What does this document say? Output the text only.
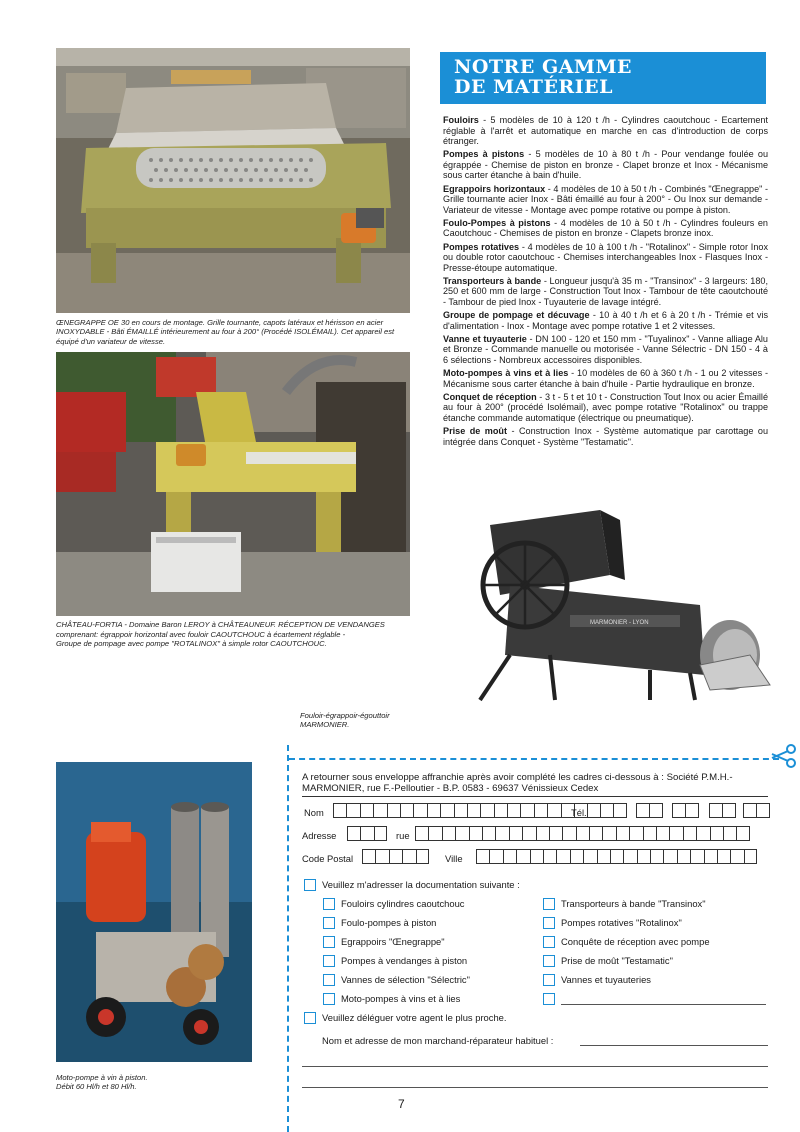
ŒNEGRAPPE OE 30 en cours de montage. Grille tournante, capots latéraux et hérisson en acier INOXYDABLE - Bâti ÉMAILLÉ intérieurement au four à 200° (Procédé ISOLÉMAIL). Cet appareil est équipé d'un variateur de vitesse.
CHÂTEAU-FORTIA - Domaine Baron LEROY à CHÂTEAUNEUF. RÉCEPTION DE VENDANGES
comprenant: égrappoir horizontal avec fouloir CAOUTCHOUC à écartement réglable -
Groupe de pompage avec pompe "ROTALINOX" à simple rotor CAOUTCHOUC.
NOTRE GAMME
DE MATÉRIEL

Fouloirs - 5 modèles de 10 à 120 t /h - Cylindres caoutchouc - Ecartement réglable à l'arrêt et automatique en marche en cas d'introduction de corps étranger.

Pompes à pistons - 5 modèles de 10 à 80 t /h - Pour vendange foulée ou égrappée - Chemise de piston en bronze - Clapet bronze et Inox - Mécanisme sous carter étanche à bain d'huile.

Egrappoirs horizontaux - 4 modèles de 10 à 50 t /h - Combinés "Œnegrappe" - Grille tournante acier Inox - Bâti émaillé au four à 200° - Ou Inox sur demande - Variateur de vitesse - Montage avec pompe rotative ou pompe à piston.

Foulo-Pompes à pistons - 4 modèles de 10 à 50 t /h - Cylindres fouleurs en Caoutchouc - Chemises de piston en bronze - Clapets bronze inox.

Pompes rotatives - 4 modèles de 10 à 100 t /h - "Rotalinox" - Simple rotor Inox ou double rotor caoutchouc - Chemises interchangeables Inox - Flasques Inox - Presse-étoupe automatique.

Transporteurs à bande - Longueur jusqu'à 35 m - "Transinox" - 3 largeurs: 180, 250 et 600 mm de large - Construction Tout Inox - Tambour de tête caoutchouté - Tambour de pied Inox - Tuyauterie de lavage intégré.

Groupe de pompage et décuvage - 10 à 40 t /h et 6 à 20 t /h - Trémie et vis d'alimentation - Inox - Montage avec pompe rotative 1 et 2 vitesses.

Vanne et tuyauterie - DN 100 - 120 et 150 mm - "Tuyalinox" - Vanne alliage Alu et Bronze - Commande manuelle ou motorisée - Vanne Sélectric - DN 150 - 4 à 6 sélections - Nombreux accessoires disponibles.

Moto-pompes à vins et à lies - 10 modèles de 60 à 360 t /h - 1 ou 2 vitesses - Mécanisme sous carter étanche à bain d'huile - Partie hydraulique en bronze.

Conquet de réception - 3 t - 5 t et 10 t - Construction Tout Inox ou acier Émaillé au four à 200° (procédé Isolémail), avec pompe rotative "Rotalinox" ou trappe étanche commande automatique (électrique ou pneumatique).

Prise de moût - Construction Inox - Système automatique par carottage ou intégrée dans Conquet - Système "Testamatic".

MARMONIER - LYON
Fouloir-égrappoir-égouttoir
MARMONIER.
Moto-pompe à vin à piston.
Débit 60 Hl/h et 80 Hl/h.
A retourner sous enveloppe affranchie après avoir complété les cadres ci-dessous à : Société P.M.H.-
MARMONIER, rue F.-Pelloutier - B.P. 0583 - 69637 Vénissieux Cedex
Nom	Tél.
Adresse	rue
Code Postal	Ville
Veuillez m'adresser la documentation suivante :
Fouloirs cylindres caoutchouc
Foulo-pompes à piston
Egrappoirs "Œnegrappe"
Pompes à vendanges à piston
Vannes de sélection "Sélectric"
Moto-pompes à vins et à lies
Transporteurs à bande "Transinox"
Pompes rotatives "Rotalinox"
Conquête de réception avec pompe
Prise de moût "Testamatic"
Vannes et tuyauteries
Veuillez déléguer votre agent le plus proche.
Nom et adresse de mon marchand-réparateur habituel :
7
